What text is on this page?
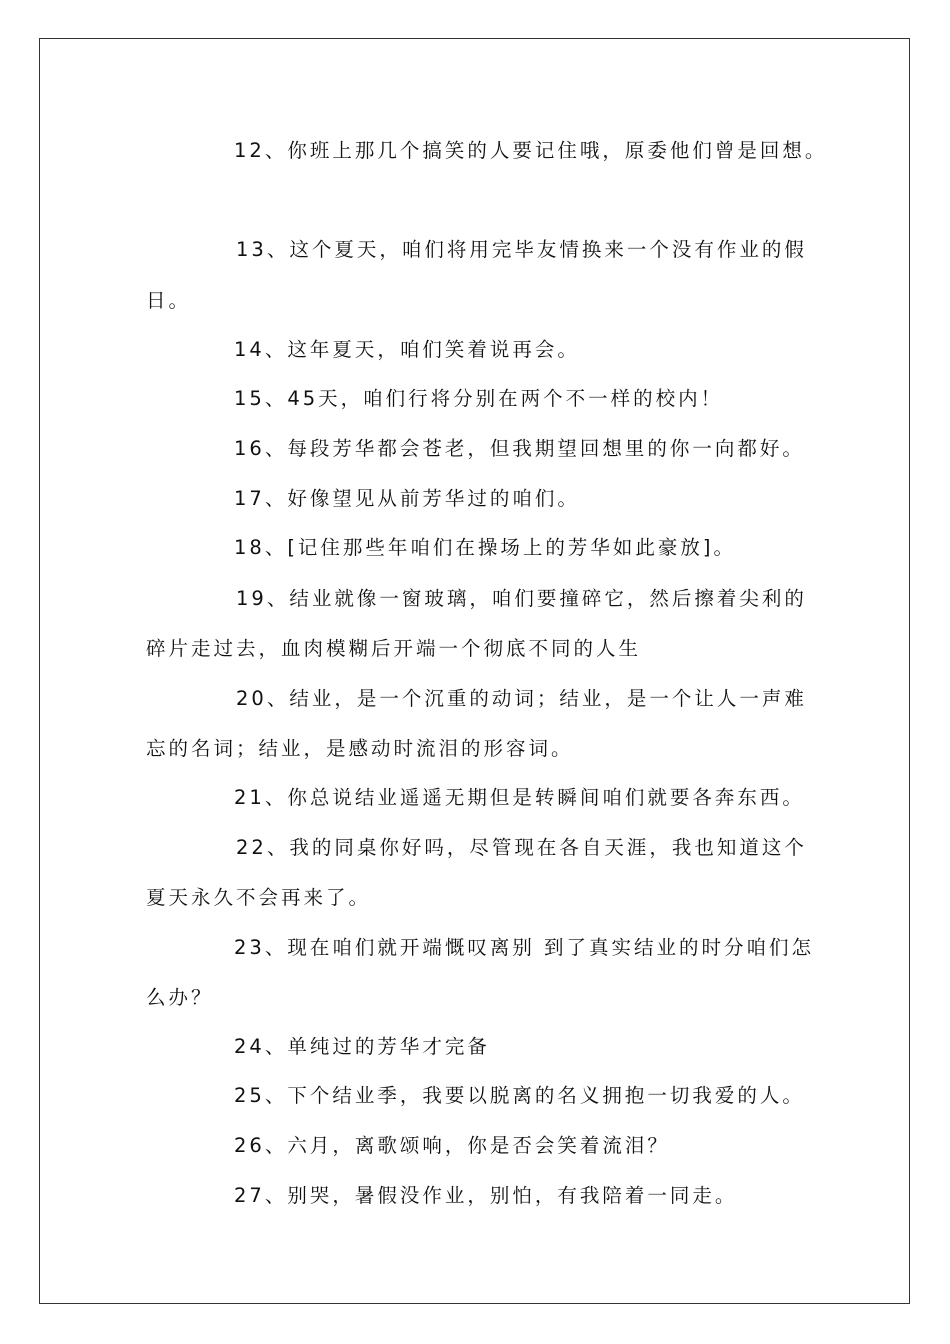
12、你班上那几个搞笑的人要记住哦，原委他们曾是回想。
13、这个夏天，咱们将用完毕友情换来一个没有作业的假
日。
14、这年夏天，咱们笑着说再会。
15、45天，咱们行将分别在两个不一样的校内！
16、每段芳华都会苍老，但我期望回想里的你一向都好。
17、好像望见从前芳华过的咱们。
18、[记住那些年咱们在操场上的芳华如此豪放]。
19、结业就像一窗玻璃，咱们要撞碎它，然后擦着尖利的
碎片走过去，血肉模糊后开端一个彻底不同的人生
20、结业，是一个沉重的动词；结业，是一个让人一声难
忘的名词；结业，是感动时流泪的形容词。
21、你总说结业遥遥无期但是转瞬间咱们就要各奔东西。
22、我的同桌你好吗，尽管现在各自天涯，我也知道这个
夏天永久不会再来了。
23、现在咱们就开端慨叹离别 到了真实结业的时分咱们怎
么办？
24、单纯过的芳华才完备
25、下个结业季，我要以脱离的名义拥抱一切我爱的人。
26、六月，离歌颂响，你是否会笑着流泪？
27、别哭，暑假没作业，别怕，有我陪着一同走。
